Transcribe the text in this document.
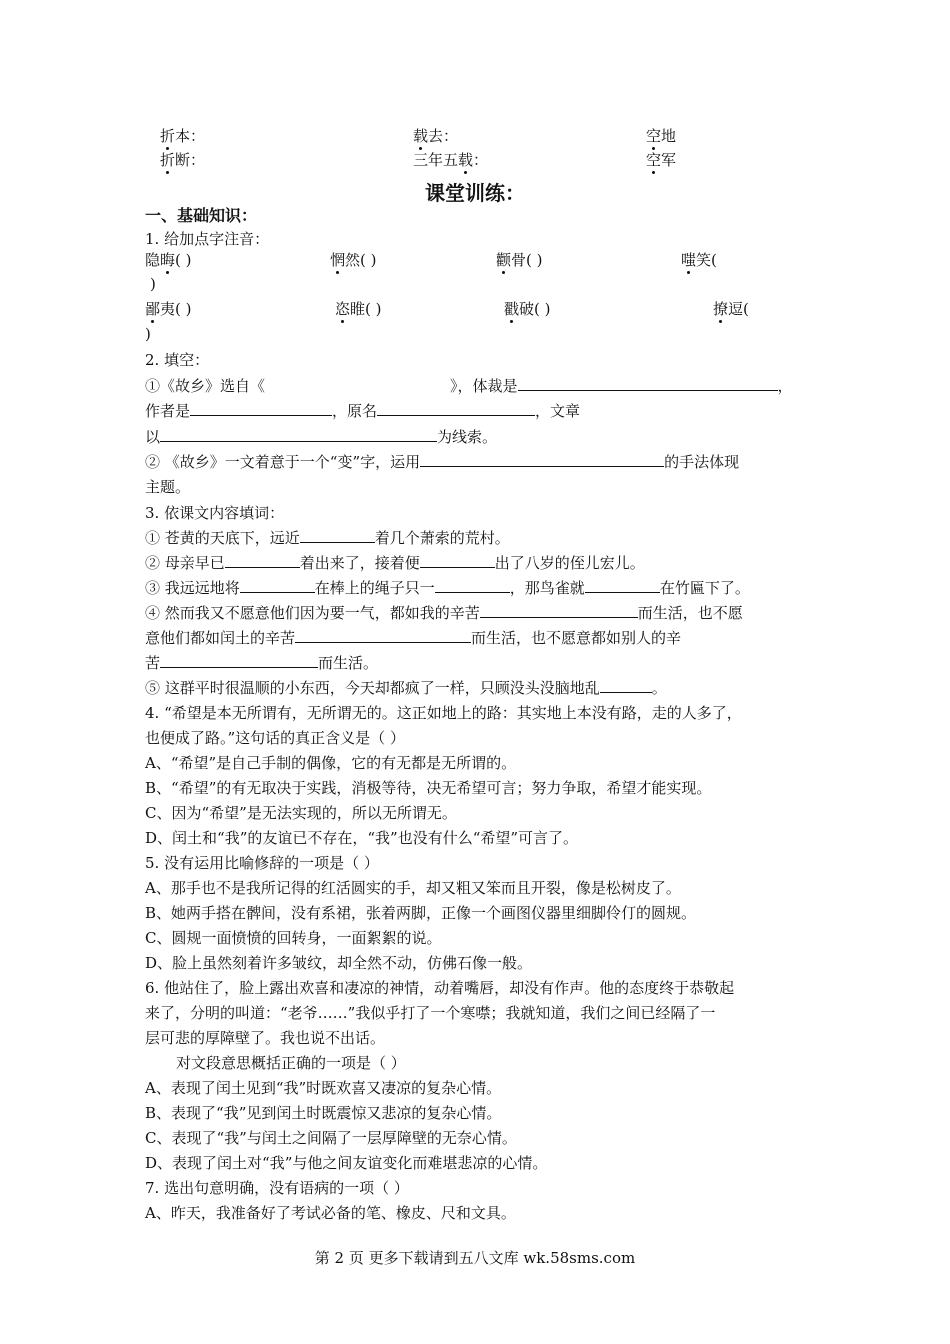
折本：	载去：	空地
折断：	三年五载：	空军
课堂训练：
一、基础知识：
1. 给加点字注音：
隐晦( )	惘然( )	颧骨( )	嗤笑(
)
鄙夷( )	恣睢( )	戳破( )	撩逗(
)
2. 填空：
①《故乡》选自《	》，体裁是	，
作者是	，原名	，文章
以	为线索。
② 《故乡》一文着意于一个“变”字，运用	的手法体现
主题。
3. 依课文内容填词：
① 苍黄的天底下，远近	着几个萧索的荒村。
② 母亲早已	着出来了，接着便	出了八岁的侄儿宏儿。
③ 我远远地将	在棒上的绳子只一	，那鸟雀就	在竹匾下了。
④ 然而我又不愿意他们因为要一气，都如我的辛苦	而生活，也不愿
意他们都如闰土的辛苦	而生活，也不愿意都如别人的辛
苦	而生活。
⑤ 这群平时很温顺的小东西，今天却都疯了一样，只顾没头没脑地乱	。
4. “希望是本无所谓有，无所谓无的。这正如地上的路：其实地上本没有路，走的人多了，
也便成了路。”这句话的真正含义是（ ）
A、“希望”是自己手制的偶像，它的有无都是无所谓的。
B、“希望”的有无取决于实践，消极等待，决无希望可言；努力争取，希望才能实现。
C、因为“希望”是无法实现的，所以无所谓无。
D、闰土和“我”的友谊已不存在，“我”也没有什么“希望”可言了。
5. 没有运用比喻修辞的一项是（ ）
A、那手也不是我所记得的红活圆实的手，却又粗又笨而且开裂，像是松树皮了。
B、她两手搭在髀间，没有系裙，张着两脚，正像一个画图仪器里细脚伶仃的圆规。
C、圆规一面愤愤的回转身，一面絮絮的说。
D、脸上虽然刻着许多皱纹，却全然不动，仿佛石像一般。
6. 他站住了，脸上露出欢喜和凄凉的神情，动着嘴唇，却没有作声。他的态度终于恭敬起
来了，分明的叫道：“老爷……”我似乎打了一个寒噤；我就知道，我们之间已经隔了一
层可悲的厚障壁了。我也说不出话。
对文段意思概括正确的一项是（ ）
A、表现了闰土见到“我”时既欢喜又凄凉的复杂心情。
B、表现了“我”见到闰土时既震惊又悲凉的复杂心情。
C、表现了“我”与闰土之间隔了一层厚障壁的无奈心情。
D、表现了闰土对“我”与他之间友谊变化而难堪悲凉的心情。
7. 选出句意明确，没有语病的一项（ ）
A、昨天，我准备好了考试必备的笔、橡皮、尺和文具。
第 2 页 更多下载请到五八文库 wk.58sms.com
